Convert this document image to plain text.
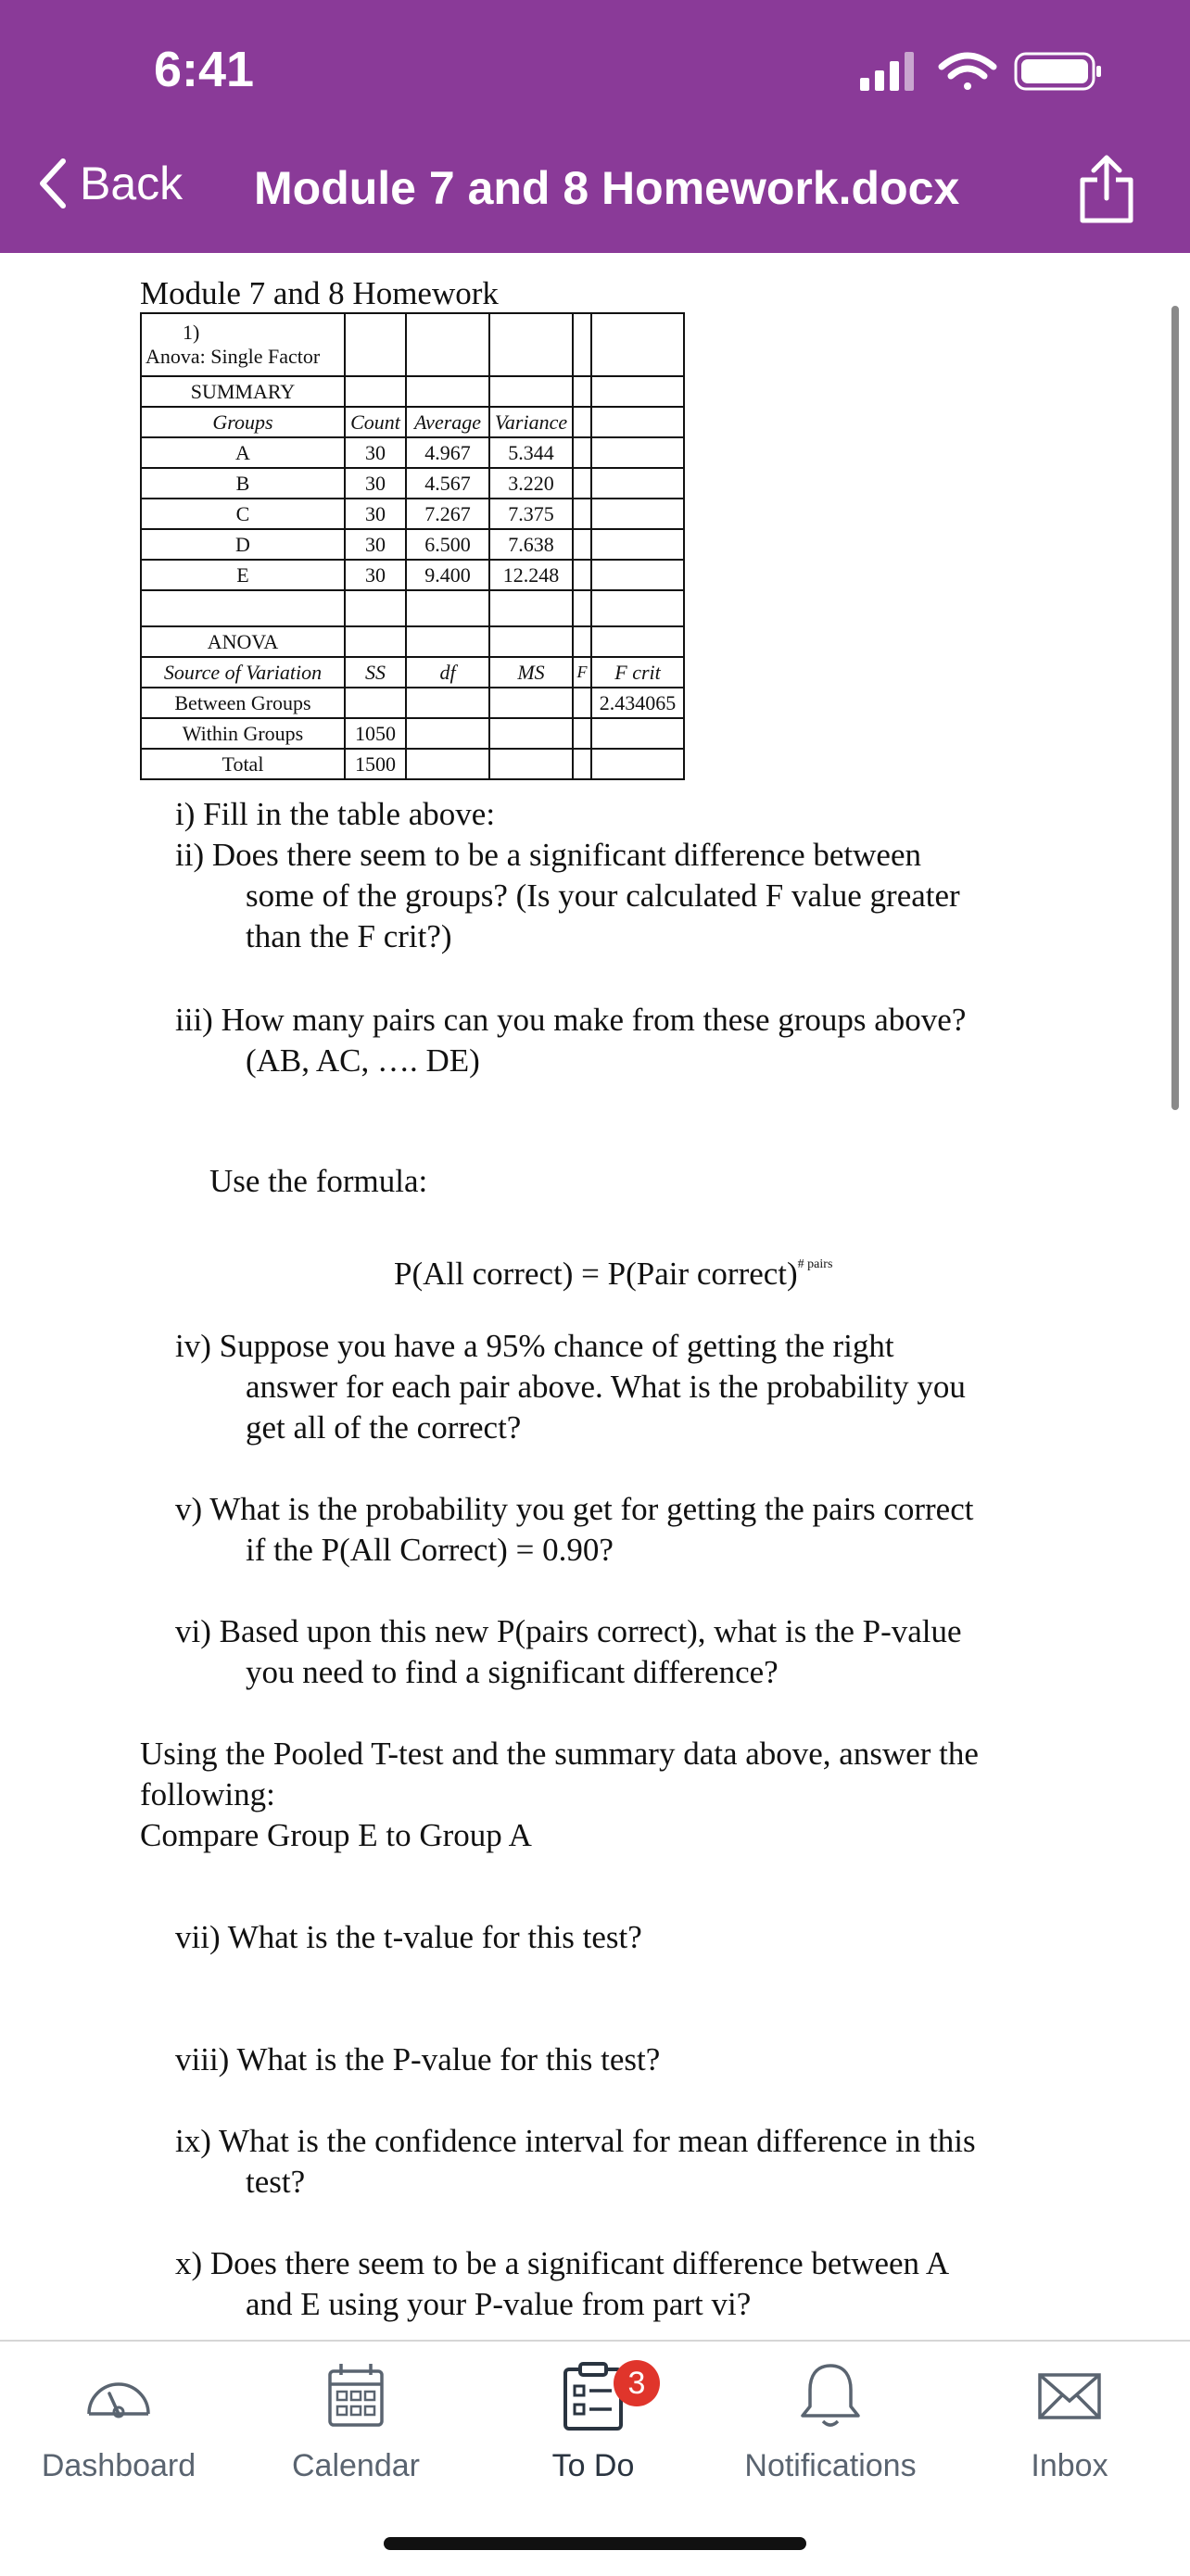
6:41
Back Module 7 and 8 Homework.docx
Module 7 and 8 Homework
1)
Anova: Single Factor					

SUMMARY					
Groups	Count	Average	Variance		
A	30	4.967	5.344		
B	30	4.567	3.220		
C	30	7.267	7.375		
D	30	6.500	7.638		
E	30	9.400	12.248		

ANOVA					
Source of Variation	SS	df	MS	F	F crit
Between Groups					2.434065
Within Groups	1050				
Total	1500				
i) Fill in the table above:
ii) Does there seem to be a significant difference between
some of the groups? (Is your calculated F value greater
than the F crit?)
iii) How many pairs can you make from these groups above?
(AB, AC, …. DE)
Use the formula:
P(All correct) = P(Pair correct)$^{\# pairs}$
iv) Suppose you have a 95% chance of getting the right
answer for each pair above. What is the probability you
get all of the correct?
v) What is the probability you get for getting the pairs correct
if the P(All Correct) = 0.90?
vi) Based upon this new P(pairs correct), what is the P-value
you need to find a significant difference?
Using the Pooled T-test and the summary data above, answer the
following:
Compare Group E to Group A
vii) What is the t-value for this test?
viii) What is the P-value for this test?
ix) What is the confidence interval for mean difference in this
test?
x) Does there seem to be a significant difference between A
and E using your P-value from part vi?
Dashboard	Calendar
3
To Do	Notifications	Inbox
